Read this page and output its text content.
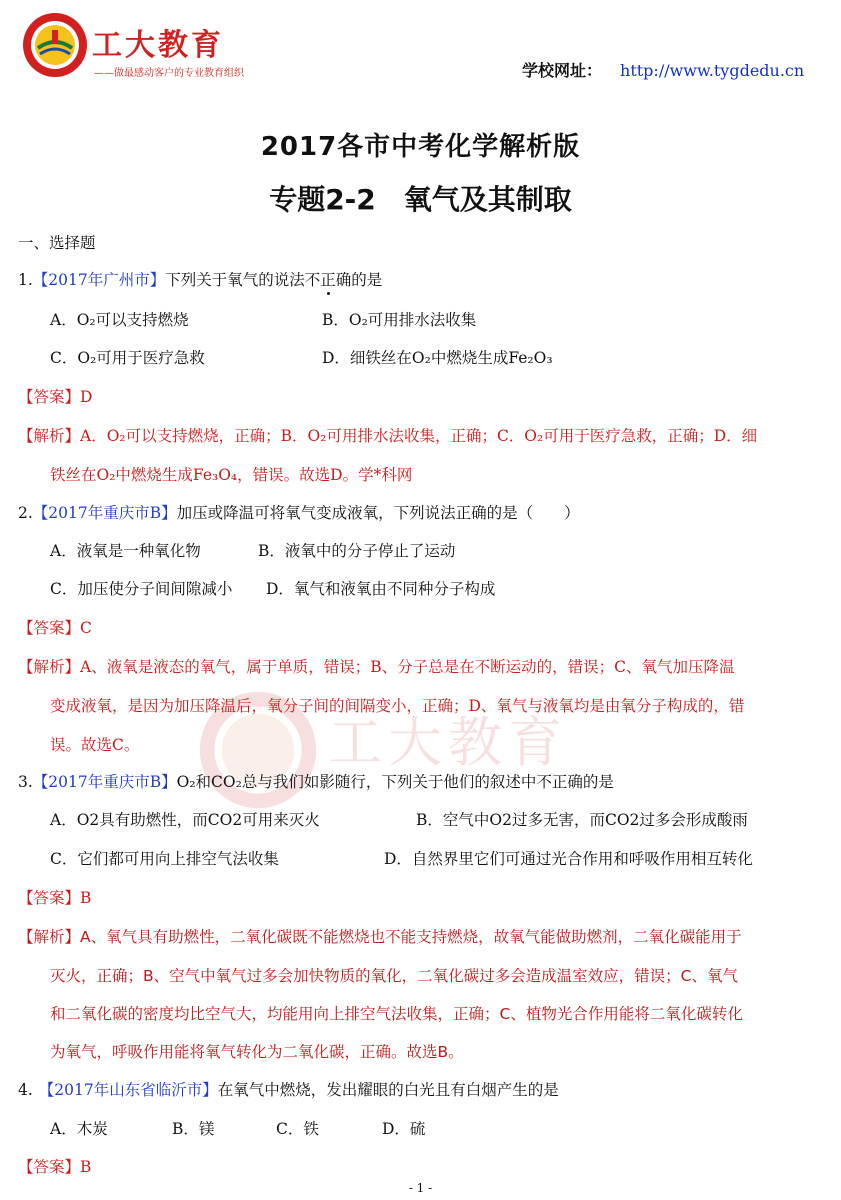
工大教育
——做最感动客户的专业教育组织	学校网址： http://www.tygdedu.cn
2017各市中考化学解析版
专题2-2　氧气及其制取
工大教育
一、选择题
1.【2017年广州市】下列关于氧气的说法不正确的是
A．O₂可以支持燃烧	B．O₂可用排水法收集
C．O₂可用于医疗急救	D．细铁丝在O₂中燃烧生成Fe₂O₃
【答案】D
【解析】A．O₂可以支持燃烧，正确；B．O₂可用排水法收集，正确；C．O₂可用于医疗急救，正确；D．细
铁丝在O₂中燃烧生成Fe₃O₄，错误。故选D。学*科网
2.【2017年重庆市B】加压或降温可将氧气变成液氧，下列说法正确的是（　　）
A．液氧是一种氧化物	B．液氧中的分子停止了运动
C．加压使分子间间隙减小 D．氧气和液氧由不同种分子构成
【答案】C
【解析】A、液氧是液态的氧气，属于单质，错误；B、分子总是在不断运动的，错误；C、氧气加压降温
变成液氧，是因为加压降温后，氧分子间的间隔变小，正确；D、氧气与液氧均是由氧分子构成的，错
误。故选C。
3.【2017年重庆市B】O₂和CO₂总与我们如影随行，下列关于他们的叙述中不正确的是
A．O2具有助燃性，而CO2可用来灭火	B．空气中O2过多无害，而CO2过多会形成酸雨
C．它们都可用向上排空气法收集	D．自然界里它们可通过光合作用和呼吸作用相互转化
【答案】B
【解析】A、氧气具有助燃性，二氧化碳既不能燃烧也不能支持燃烧，故氧气能做助燃剂，二氧化碳能用于
灭火，正确；B、空气中氧气过多会加快物质的氧化，二氧化碳过多会造成温室效应，错误；C、氧气
和二氧化碳的密度均比空气大，均能用向上排空气法收集，正确；C、植物光合作用能将二氧化碳转化
为氧气，呼吸作用能将氧气转化为二氧化碳，正确。故选B。
4. 【2017年山东省临沂市】在氧气中燃烧，发出耀眼的白光且有白烟产生的是
A．木炭	B．镁	C．铁	D．硫
【答案】B
- 1 -
